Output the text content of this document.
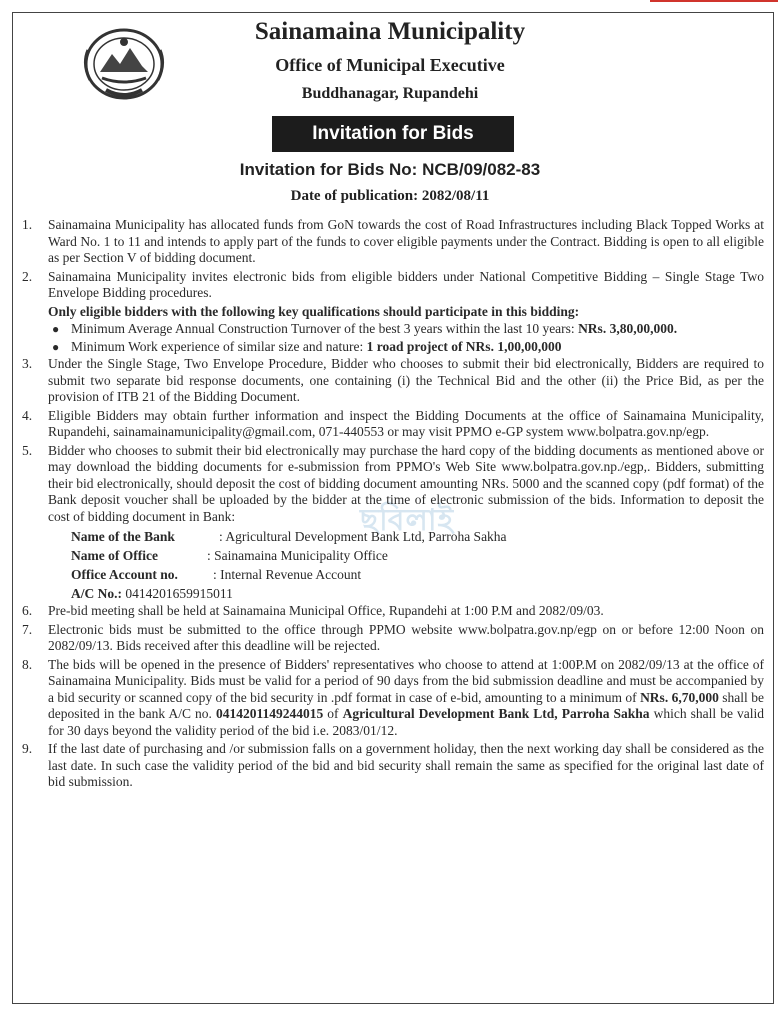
Sainamaina Municipality
Office of Municipal Executive
Buddhanagar, Rupandehi
Invitation for Bids
Invitation for Bids No: NCB/09/082-83
Date of publication: 2082/08/11
ছবিলাই
1.	Sainamaina Municipality has allocated funds from GoN towards the cost of Road Infrastructures including Black Topped Works at Ward No. 1 to 11 and intends to apply part of the funds to cover eligible payments under the Contract. Bidding is open to all eligible as per Section V of bidding document.
2.	Sainamaina Municipality invites electronic bids from eligible bidders under National Competitive Bidding – Single Stage Two Envelope Bidding procedures.
Only eligible bidders with the following key qualifications should participate in this bidding:
● Minimum Average Annual Construction Turnover of the best 3 years within the last 10 years: NRs. 3,80,00,000.
● Minimum Work experience of similar size and nature: 1 road project of NRs. 1,00,00,000
3.	Under the Single Stage, Two Envelope Procedure, Bidder who chooses to submit their bid electronically, Bidders are required to submit two separate bid response documents, one containing (i) the Technical Bid and the other (ii) the Price Bid, as per the provision of ITB 21 of the Bidding Document.
4.	Eligible Bidders may obtain further information and inspect the Bidding Documents at the office of Sainamaina Municipality, Rupandehi, sainamainamunicipality@gmail.com, 071-440553 or may visit PPMO e-GP system www.bolpatra.gov.np/egp.
5.	Bidder who chooses to submit their bid electronically may purchase the hard copy of the bidding documents as mentioned above or may download the bidding documents for e-submission from PPMO's Web Site www.bolpatra.gov.np./egp,. Bidders, submitting their bid electronically, should deposit the cost of bidding document amounting NRs. 5000 and the scanned copy (pdf format) of the Bank deposit voucher shall be uploaded by the bidder at the time of electronic submission of the bids. Information to deposit the cost of bidding document in Bank:
Name of the Bank	: Agricultural Development Bank Ltd, Parroha Sakha
Name of Office	: Sainamaina Municipality Office
Office Account no.	: Internal Revenue Account
A/C No.: 0414201659915011
6.	Pre-bid meeting shall be held at Sainamaina Municipal Office, Rupandehi at 1:00 P.M and 2082/09/03.
7.	Electronic bids must be submitted to the office through PPMO website www.bolpatra.gov.np/egp on or before 12:00 Noon on 2082/09/13. Bids received after this deadline will be rejected.
8.	The bids will be opened in the presence of Bidders' representatives who choose to attend at 1:00P.M on 2082/09/13 at the office of Sainamaina Municipality. Bids must be valid for a period of 90 days from the bid submission deadline and must be accompanied by a bid security or scanned copy of the bid security in .pdf format in case of e-bid, amounting to a minimum of NRs. 6,70,000 shall be deposited in the bank A/C no. 0414201149244015 of Agricultural Development Bank Ltd, Parroha Sakha which shall be valid for 30 days beyond the validity period of the bid i.e. 2083/01/12.
9.	If the last date of purchasing and /or submission falls on a government holiday, then the next working day shall be considered as the last date. In such case the validity period of the bid and bid security shall remain the same as specified for the original last date of bid submission.
